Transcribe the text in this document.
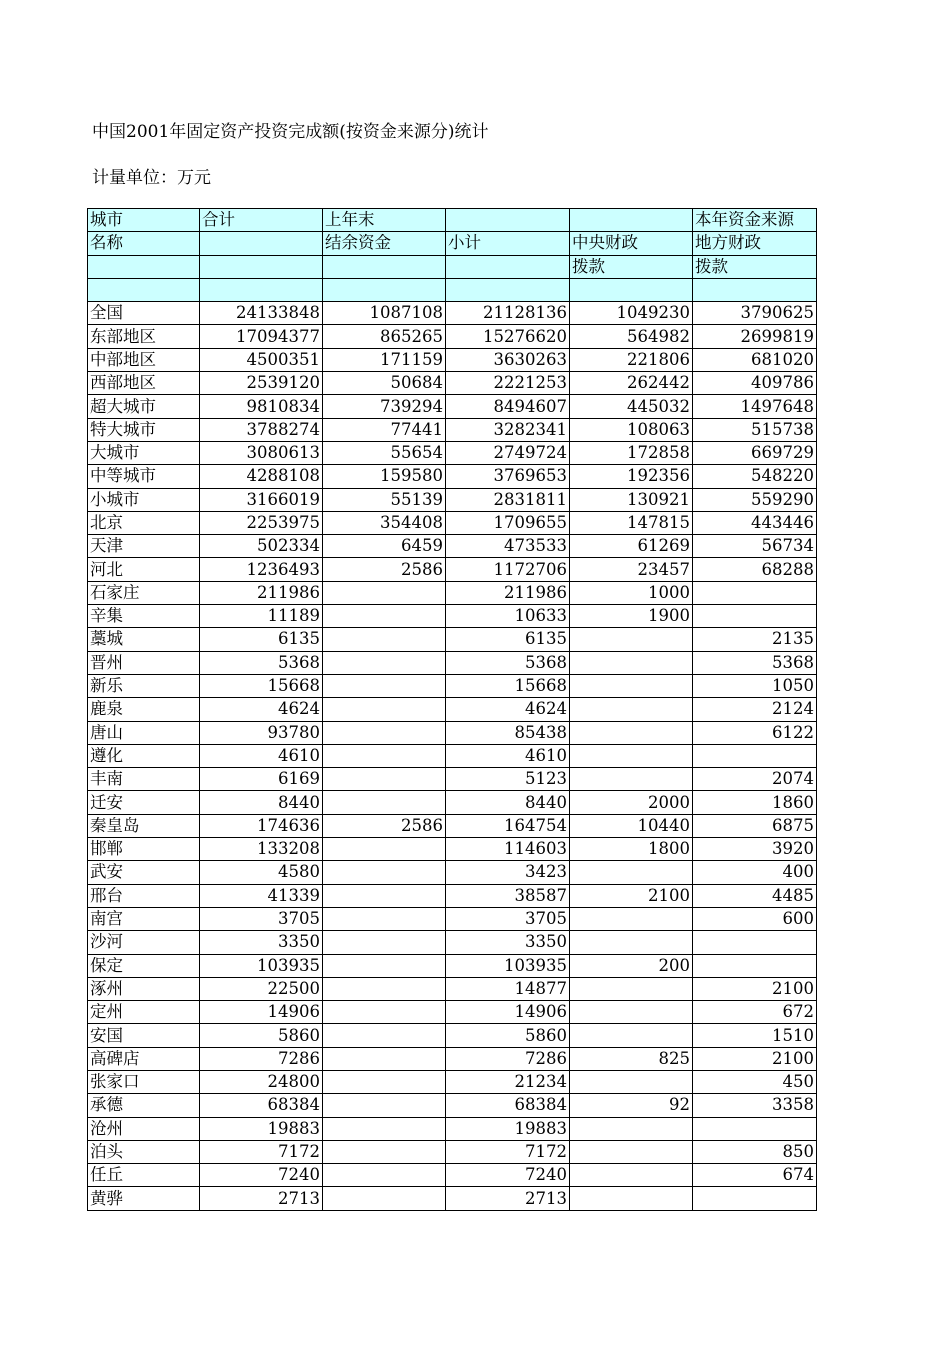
中国2001年固定资产投资完成额(按资金来源分)统计
计量单位：万元
城市	合计	上年末			本年资金来源
名称		结余资金	小计	中央财政	地方财政
				拨款	拨款

全国	24133848	1087108	21128136	1049230	3790625
东部地区	17094377	865265	15276620	564982	2699819
中部地区	4500351	171159	3630263	221806	681020
西部地区	2539120	50684	2221253	262442	409786
超大城市	9810834	739294	8494607	445032	1497648
特大城市	3788274	77441	3282341	108063	515738
大城市	3080613	55654	2749724	172858	669729
中等城市	4288108	159580	3769653	192356	548220
小城市	3166019	55139	2831811	130921	559290
北京	2253975	354408	1709655	147815	443446
天津	502334	6459	473533	61269	56734
河北	1236493	2586	1172706	23457	68288
石家庄	211986		211986	1000	
辛集	11189		10633	1900	
藁城	6135		6135		2135
晋州	5368		5368		5368
新乐	15668		15668		1050
鹿泉	4624		4624		2124
唐山	93780		85438		6122
遵化	4610		4610		
丰南	6169		5123		2074
迁安	8440		8440	2000	1860
秦皇岛	174636	2586	164754	10440	6875
邯郸	133208		114603	1800	3920
武安	4580		3423		400
邢台	41339		38587	2100	4485
南宫	3705		3705		600
沙河	3350		3350		
保定	103935		103935	200	
涿州	22500		14877		2100
定州	14906		14906		672
安国	5860		5860		1510
高碑店	7286		7286	825	2100
张家口	24800		21234		450
承德	68384		68384	92	3358
沧州	19883		19883		
泊头	7172		7172		850
任丘	7240		7240		674
黄骅	2713		2713		
